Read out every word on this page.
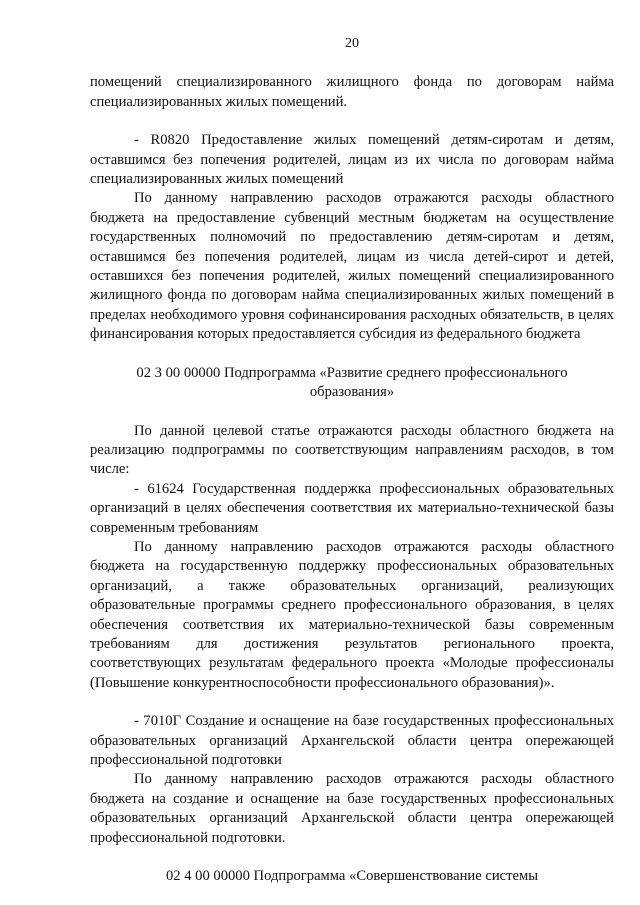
20

помещений специализированного жилищного фонда по договорам найма специализированных жилых помещений.

- R0820 Предоставление жилых помещений детям-сиротам и детям, оставшимся без попечения родителей, лицам из их числа по договорам найма специализированных жилых помещений

По данному направлению расходов отражаются расходы областного бюджета на предоставление субвенций местным бюджетам на осуществление государственных полномочий по предоставлению детям-сиротам и детям, оставшимся без попечения родителей, лицам из числа детей-сирот и детей, оставшихся без попечения родителей, жилых помещений специализированного жилищного фонда по договорам найма специализированных жилых помещений в пределах необходимого уровня софинансирования расходных обязательств, в целях финансирования которых предоставляется субсидия из федерального бюджета

02 3 00 00000 Подпрограмма «Развитие среднего профессионального образования»

По данной целевой статье отражаются расходы областного бюджета на реализацию подпрограммы по соответствующим направлениям расходов, в том числе:

- 61624 Государственная поддержка профессиональных образовательных организаций в целях обеспечения соответствия их материально-технической базы современным требованиям

По данному направлению расходов отражаются расходы областного бюджета на государственную поддержку профессиональных образовательных организаций, а также образовательных организаций, реализующих образовательные программы среднего профессионального образования, в целях обеспечения соответствия их материально-технической базы современным требованиям для достижения результатов регионального проекта, соответствующих результатам федерального проекта «Молодые профессионалы (Повышение конкурентноспособности профессионального образования)».

- 7010Г Создание и оснащение на базе государственных профессиональных образовательных организаций Архангельской области центра опережающей профессиональной подготовки

По данному направлению расходов отражаются расходы областного бюджета на создание и оснащение на базе государственных профессиональных образовательных организаций Архангельской области центра опережающей профессиональной подготовки.

02 4 00 00000 Подпрограмма «Совершенствование системы
